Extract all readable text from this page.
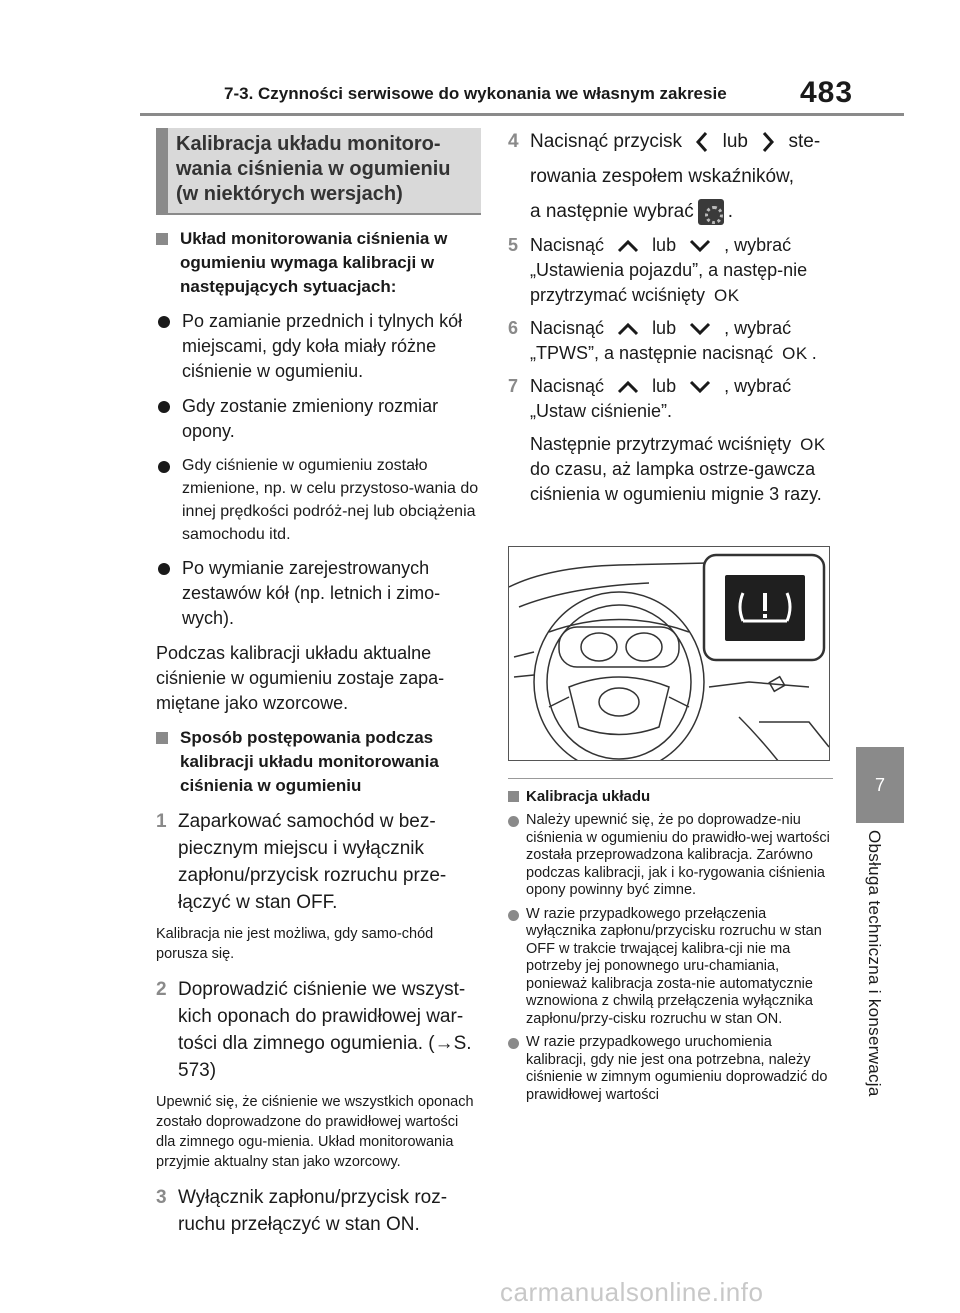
7-3. Czynności serwisowe do wykonania we własnym zakresie 483
7
Obsługa techniczna i konserwacja
Kalibracja układu monitoro-wania ciśnienia w ogumieniu (w niektórych wersjach)
Układ monitorowania ciśnienia w ogumieniu wymaga kalibracji w następujących sytuacjach:
Po zamianie przednich i tylnych kół miejscami, gdy koła miały różne ciśnienie w ogumieniu.
Gdy zostanie zmieniony rozmiar opony.
Gdy ciśnienie w ogumieniu zostało zmienione, np. w celu przystoso-wania do innej prędkości podróż-nej lub obciążenia samochodu itd.
Po wymianie zarejestrowanych zestawów kół (np. letnich i zimo-wych).
Podczas kalibracji układu aktualne ciśnienie w ogumieniu zostaje zapa-miętane jako wzorcowe.
Sposób postępowania podczas kalibracji układu monitorowania ciśnienia w ogumieniu
1 Zaparkować samochód w bez-piecznym miejscu i wyłącznik zapłonu/przycisk rozruchu prze-łączyć w stan OFF.
Kalibracja nie jest możliwa, gdy samo-chód porusza się.
2 Doprowadzić ciśnienie we wszyst-kich oponach do prawidłowej war-tości dla zimnego ogumienia. (→S. 573)
Upewnić się, że ciśnienie we wszystkich oponach zostało doprowadzone do prawidłowej wartości dla zimnego ogu-mienia. Układ monitorowania przyjmie aktualny stan jako wzorcowy.
3 Wyłącznik zapłonu/przycisk roz-ruchu przełączyć w stan ON.
4 Nacisnąć przycisk lub ste-
rowania zespołem wskaźników,
a następnie wybrać .
5 Nacisnąć	lub	, wybrać „Ustawienia pojazdu”, a następ-nie przytrzymać wciśnięty OK
6 Nacisnąć	lub	, wybrać „TPWS”, a następnie nacisnąć OK .
7 Nacisnąć	lub	, wybrać „Ustaw ciśnienie”.
Następnie przytrzymać wciśnięty OK do czasu, aż lampka ostrze-gawcza ciśnienia w ogumieniu mignie 3 razy.
Kalibracja układu
Należy upewnić się, że po doprowadze-niu ciśnienia w ogumieniu do prawidło-wej wartości została przeprowadzona kalibracja. Zarówno podczas kalibracji, jak i ko-rygowania ciśnienia opony powinny być zimne.
W razie przypadkowego przełączenia wyłącznika zapłonu/przycisku rozruchu w stan OFF w trakcie trwającej kalibra-cji nie ma potrzeby jej ponownego uru-chamiania, ponieważ kalibracja zosta-nie automatycznie wznowiona z chwilą przełączenia wyłącznika zapłonu/przy-cisku rozruchu w stan ON.
W razie przypadkowego uruchomienia kalibracji, gdy nie jest ona potrzebna, należy ciśnienie w zimnym ogumieniu doprowadzić do prawidłowej wartości
carmanualsonline.info
